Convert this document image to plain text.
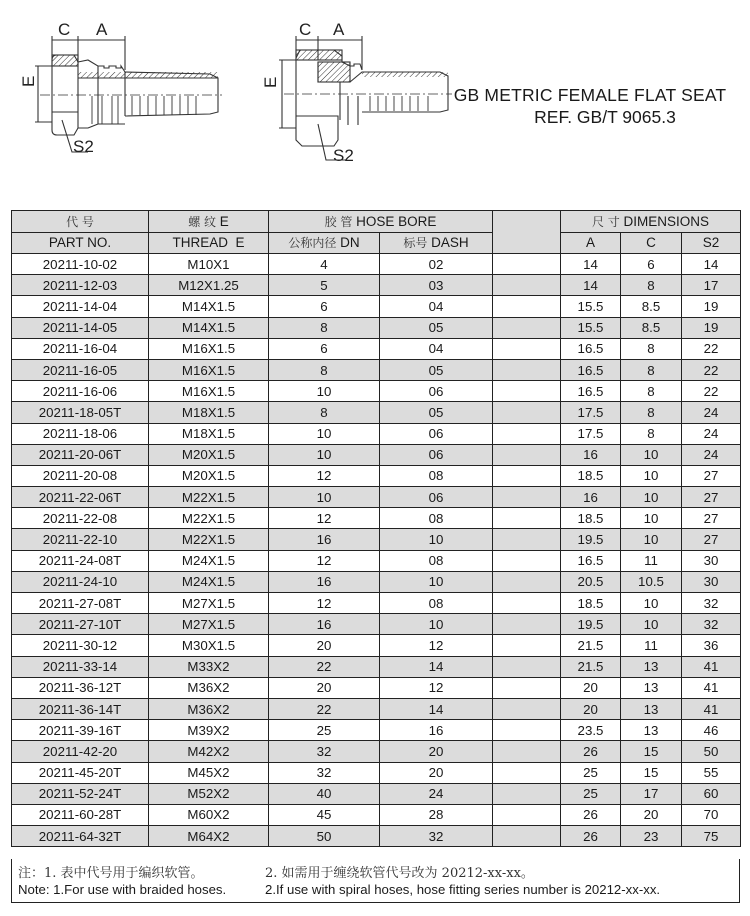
C A
E
S2
C A
E
S2
GB METRIC FEMALE FLAT SEAT
REF. GB/T 9065.3
代 号	螺 纹 E	胶 管 HOSE BORE			尺 寸 DIMENSIONS		
PART NO.	THREAD  E	公称内径 DN	标号 DASH		A	C	S2
20211-10-02	M10X1	4	02		14	6	14
20211-12-03	M12X1.25	5	03		14	8	17
20211-14-04	M14X1.5	6	04		15.5	8.5	19
20211-14-05	M14X1.5	8	05		15.5	8.5	19
20211-16-04	M16X1.5	6	04		16.5	8	22
20211-16-05	M16X1.5	8	05		16.5	8	22
20211-16-06	M16X1.5	10	06		16.5	8	22
20211-18-05T	M18X1.5	8	05		17.5	8	24
20211-18-06	M18X1.5	10	06		17.5	8	24
20211-20-06T	M20X1.5	10	06		16	10	24
20211-20-08	M20X1.5	12	08		18.5	10	27
20211-22-06T	M22X1.5	10	06		16	10	27
20211-22-08	M22X1.5	12	08		18.5	10	27
20211-22-10	M22X1.5	16	10		19.5	10	27
20211-24-08T	M24X1.5	12	08		16.5	11	30
20211-24-10	M24X1.5	16	10		20.5	10.5	30
20211-27-08T	M27X1.5	12	08		18.5	10	32
20211-27-10T	M27X1.5	16	10		19.5	10	32
20211-30-12	M30X1.5	20	12		21.5	11	36
20211-33-14	M33X2	22	14		21.5	13	41
20211-36-12T	M36X2	20	12		20	13	41
20211-36-14T	M36X2	22	14		20	13	41
20211-39-16T	M39X2	25	16		23.5	13	46
20211-42-20	M42X2	32	20		26	15	50
20211-45-20T	M45X2	32	20		25	15	55
20211-52-24T	M52X2	40	24		25	17	60
20211-60-28T	M60X2	45	28		26	20	70
20211-64-32T	M64X2	50	32		26	23	75
注：1. 表中代号用于编织软管。	2. 如需用于缠绕软管代号改为 20212-xx-xx。
Note: 1.For use with braided hoses.	2.If use with spiral hoses, hose fitting series number is 20212-xx-xx.
